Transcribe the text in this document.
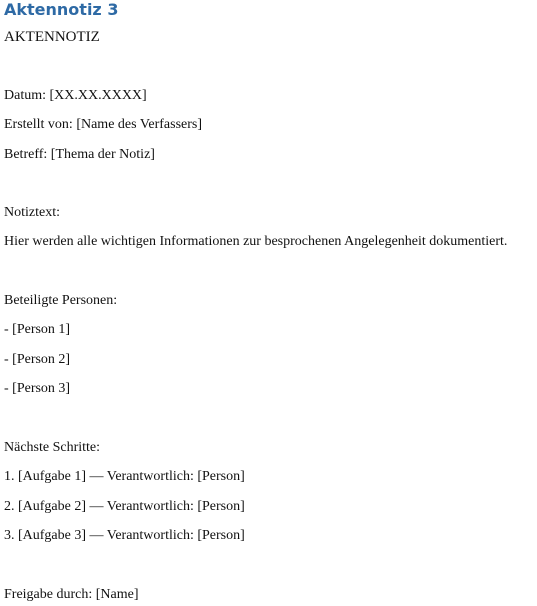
Aktennotiz 3

AKTENNOTIZ

Datum: [XX.XX.XXXX]

Erstellt von: [Name des Verfassers]

Betreff: [Thema der Notiz]

Notiztext:

Hier werden alle wichtigen Informationen zur besprochenen Angelegenheit dokumentiert.

Beteiligte Personen:

- [Person 1]

- [Person 2]

- [Person 3]

Nächste Schritte:

1. [Aufgabe 1] — Verantwortlich: [Person]

2. [Aufgabe 2] — Verantwortlich: [Person]

3. [Aufgabe 3] — Verantwortlich: [Person]

Freigabe durch: [Name]
